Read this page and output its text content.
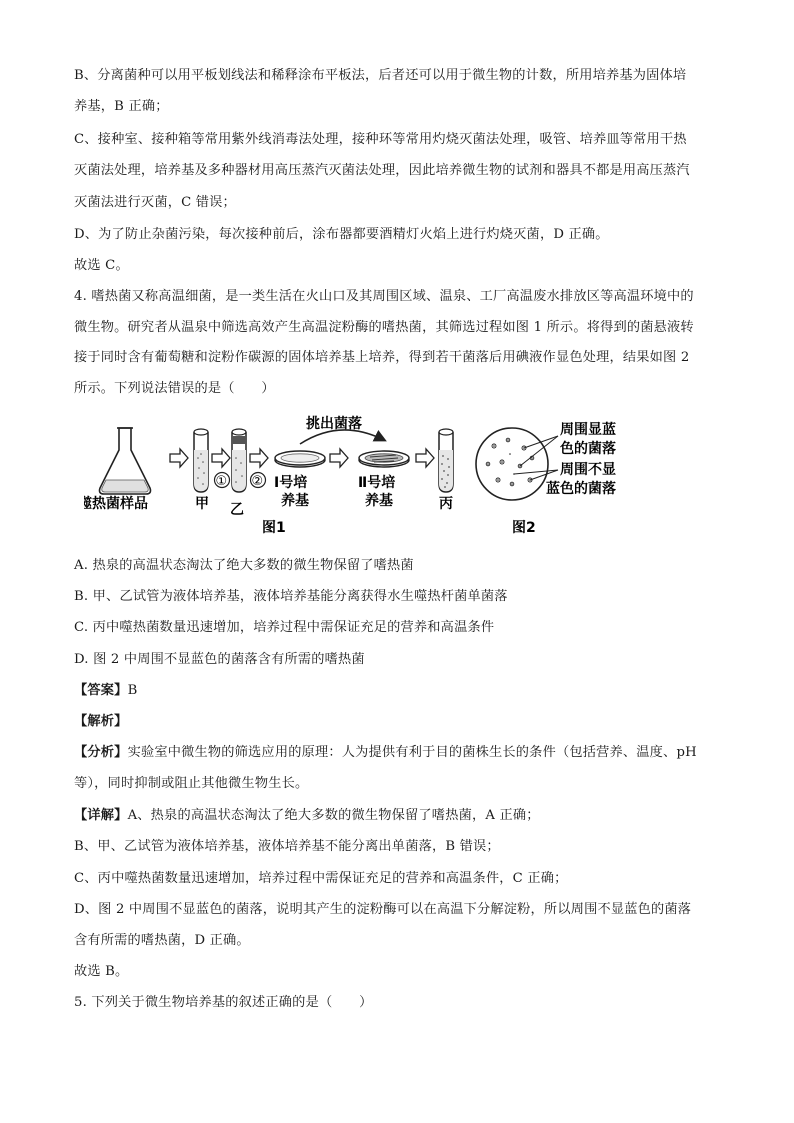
B、分离菌种可以用平板划线法和稀释涂布平板法，后者还可以用于微生物的计数，所用培养基为固体培
养基，B 正确；
C、接种室、接种箱等常用紫外线消毒法处理，接种环等常用灼烧灭菌法处理，吸管、培养皿等常用干热
灭菌法处理，培养基及多种器材用高压蒸汽灭菌法处理，因此培养微生物的试剂和器具不都是用高压蒸汽
灭菌法进行灭菌，C 错误；
D、为了防止杂菌污染，每次接种前后，涂布器都要酒精灯火焰上进行灼烧灭菌，D 正确。
故选 C。
4. 嗜热菌又称高温细菌，是一类生活在火山口及其周围区域、温泉、工厂高温废水排放区等高温环境中的
微生物。研究者从温泉中筛选高效产生高温淀粉酶的嗜热菌，其筛选过程如图 1 所示。将得到的菌悬液转
接于同时含有葡萄糖和淀粉作碳源的固体培养基上培养，得到若干菌落后用碘液作显色处理，结果如图 2
所示。下列说法错误的是（　　）
噬热菌样品	甲
①
乙
② Ⅰ号培
养基
挑出菌落
Ⅱ号培
养基	丙
周围显蓝
色的菌落
周围不显
蓝色的菌落
图1	图2
A. 热泉的高温状态淘汰了绝大多数的微生物保留了嗜热菌
B. 甲、乙试管为液体培养基，液体培养基能分离获得水生噬热杆菌单菌落
C. 丙中噬热菌数量迅速增加，培养过程中需保证充足的营养和高温条件
D. 图 2 中周围不显蓝色的菌落含有所需的嗜热菌
【答案】B
【解析】
【分析】实验室中微生物的筛选应用的原理：人为提供有利于目的菌株生长的条件（包括营养、温度、pH
等），同时抑制或阻止其他微生物生长。
【详解】A、热泉的高温状态淘汰了绝大多数的微生物保留了嗜热菌，A 正确；
B、甲、乙试管为液体培养基，液体培养基不能分离出单菌落，B 错误；
C、丙中噬热菌数量迅速增加，培养过程中需保证充足的营养和高温条件，C 正确；
D、图 2 中周围不显蓝色的菌落，说明其产生的淀粉酶可以在高温下分解淀粉，所以周围不显蓝色的菌落
含有所需的嗜热菌，D 正确。
故选 B。
5. 下列关于微生物培养基的叙述正确的是（　　）
